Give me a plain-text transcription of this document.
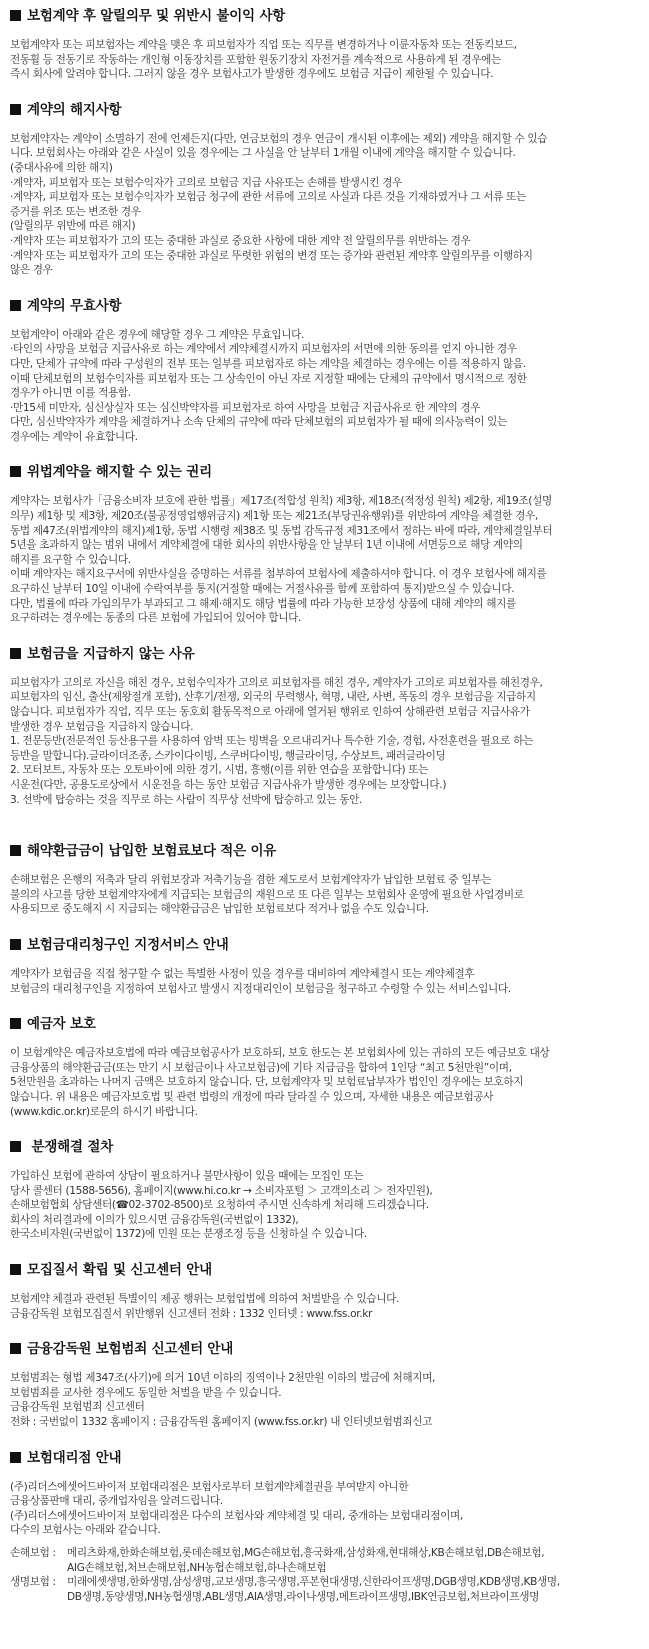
보험계약 후 알릴의무 및 위반시 불이익 사항

보험계약자 또는 피보험자는 계약을 맺은 후 피보험자가 직업 또는 직무를 변경하거나 이륜자동차 또는 전동킥보드,

전동휠 등 전동기로 작동하는 개인형 이동장치를 포함한 원동기장치 자전거를 계속적으로 사용하게 된 경우에는

즉시 회사에 알려야 합니다. 그러지 않을 경우 보험사고가 발생한 경우에도 보험금 지급이 제한될 수 있습니다.

계약의 해지사항

보험계약자는 계약이 소멸하기 전에 언제든지(다만, 연금보험의 경우 연금이 개시된 이후에는 제외) 계약을 해지할 수 있습

니다. 보험회사는 아래와 같은 사실이 있을 경우에는 그 사실을 안 날부터 1개월 이내에 계약을 해지할 수 있습니다.

(중대사유에 의한 해지)

·계약자, 피보험자 또는 보험수익자가 고의로 보험금 지급 사유또는 손해를 발생시킨 경우

·계약자, 피보험자 또는 보험수익자가 보험금 청구에 관한 서류에 고의로 사실과 다른 것을 기재하였거나 그 서류 또는

증거를 위조 또는 변조한 경우

(알릴의무 위반에 따른 해지)

·계약자 또는 피보험자가 고의 또는 중대한 과실로 중요한 사항에 대한 계약 전 알릴의무를 위반하는 경우

·계약자 또는 피보험자가 고의 또는 중대한 과실로 뚜렷한 위험의 변경 또는 증가와 관련된 계약후 알릴의무를 이행하지

않은 경우

계약의 무효사항

보험계약이 아래와 같은 경우에 해당할 경우 그 계약은 무효입니다.

·타인의 사망을 보험금 지급사유로 하는 계약에서 계약체결시까지 피보험자의 서면에 의한 동의를 얻지 아니한 경우

다만, 단체가 규약에 따라 구성원의 전부 또는 일부를 피보험자로 하는 계약을 체결하는 경우에는 이를 적용하지 않음.

이때 단체보험의 보험수익자를 피보험자 또는 그 상속인이 아닌 자로 지정할 때에는 단체의 규약에서 명시적으로 정한

경우가 아니면 이를 적용함.

·만15세 미만자, 심신상실자 또는 심신박약자를 피보험자로 하여 사망을 보험금 지급사유로 한 계약의 경우

다만, 심신박약자가 계약을 체결하거나 소속 단체의 규약에 따라 단체보험의 피보험자가 될 때에 의사능력이 있는

경우에는 계약이 유효합니다.

위법계약을 해지할 수 있는 권리

계약자는 보험사가「금융소비자 보호에 관한 법률」제17조(적합성 원칙) 제3항, 제18조(적정성 원칙) 제2항, 제19조(설명

의무) 제1항 및 제3항, 제20조(불공정영업행위금지) 제1항 또는 제21조(부당권유행위)를 위반하여 계약을 체결한 경우,

동법 제47조(위법계약의 해지)제1항, 동법 시행령 제38조 및 동법 감독규정 제31조에서 정하는 바에 따라, 계약체결일부터

5년을 초과하지 않는 범위 내에서 계약체결에 대한 회사의 위반사항을 안 날부터 1년 이내에 서면등으로 해당 계약의

해지를 요구할 수 있습니다.

이때 계약자는 해지요구서에 위반사실을 증명하는 서류를 첨부하여 보험사에 제출하셔야 합니다. 이 경우 보험사에 해지를

요구하신 날부터 10일 이내에 수락여부를 통지(거절할 때에는 거절사유를 함께 포함하여 통지)받으실 수 있습니다.

다만, 법률에 따라 가입의무가 부과되고 그 해제·해지도 해당 법률에 따라 가능한 보장성 상품에 대해 계약의 해지를

요구하려는 경우에는 동종의 다른 보험에 가입되어 있어야 합니다.

보험금을 지급하지 않는 사유

피보험자가 고의로 자신을 해친 경우, 보험수익자가 고의로 피보험자를 해친 경우, 계약자가 고의로 피보험자를 해친경우,

피보험자의 임신, 출산(제왕절개 포함), 산후기/전쟁, 외국의 무력행사, 혁명, 내란, 사변, 폭동의 경우 보험금을 지급하지

않습니다. 피보험자가 직업, 직무 또는 동호회 활동목적으로 아래에 열거된 행위로 인하여 상해관련 보험금 지급사유가

발생한 경우 보험금을 지급하지 않습니다.

1. 전문등반(전문적인 등산용구를 사용하여 암벽 또는 빙벽을 오르내리거나 특수한 기술, 경험, 사전훈련을 필요로 하는

등반을 말합니다).글라이더조종, 스카이다이빙, 스쿠버다이빙, 행글라이딩, 수상보트, 패러글라이딩

2. 모터보트, 자동차 또는 오토바이에 의한 경기, 시범, 흥행(이를 위한 연습을 포함합니다) 또는

시운전(다만, 공용도로상에서 시운전을 하는 동안 보험금 지급사유가 발생한 경우에는 보장합니다.)

3. 선박에 탑승하는 것을 직무로 하는 사람이 직무상 선박에 탑승하고 있는 동안.

해약환급금이 납입한 보험료보다 적은 이유

손해보험은 은행의 저축과 달리 위험보장과 저축기능을 겸한 제도로서 보험계약자가 납입한 보험료 중 일부는

불의의 사고를 당한 보험계약자에게 지급되는 보험금의 재원으로 또 다른 일부는 보험회사 운영에 필요한 사업경비로

사용되므로 중도해지 시 지급되는 해약환급금은 납입한 보험료보다 적거나 없을 수도 있습니다.

보험금대리청구인 지정서비스 안내

계약자가 보험금을 직접 청구할 수 없는 특별한 사정이 있을 경우를 대비하여 계약체결시 또는 계약체결후

보험금의 대리청구인을 지정하여 보험사고 발생시 지정대리인이 보험금을 청구하고 수령할 수 있는 서비스입니다.

예금자 보호

이 보험계약은 예금자보호법에 따라 예금보험공사가 보호하되, 보호 한도는 본 보험회사에 있는 귀하의 모든 예금보호 대상

금융상품의 해약환급금(또는 만기 시 보험금이나 사고보험금)에 기타 지급금을 합하여 1인당 “최고 5천만원”이며,

5천만원을 초과하는 나머지 금액은 보호하지 않습니다. 단, 보험계약자 및 보험료납부자가 법인인 경우에는 보호하지

않습니다. 위 내용은 예금자보호법 및 관련 법령의 개정에 따라 달라질 수 있으며, 자세한 내용은 예금보험공사

(www.kdic.or.kr)로문의 하시기 바랍니다.

분쟁해결 절차

가입하신 보험에 관하여 상담이 필요하거나 불만사항이 있을 때에는 모집인 또는

당사 콜센터 (1588-5656), 홈페이지(www.hi.co.kr → 소비자포털 ＞ 고객의소리 ＞ 전자민원),

손해보험협회 상담센터(☎02-3702-8500)로 요청하여 주시면 신속하게 처리해 드리겠습니다.

회사의 처리결과에 이의가 있으시면 금융감독원(국번없이 1332),

한국소비자원(국번없이 1372)에 민원 또는 분쟁조정 등을 신청하실 수 있습니다.

모집질서 확립 및 신고센터 안내

보험계약 체결과 관련된 특별이익 제공 행위는 보험업법에 의하여 처벌받을 수 있습니다.

금융감독원 보험모집질서 위반행위 신고센터 전화 : 1332 인터넷 : www.fss.or.kr

금융감독원 보험범죄 신고센터 안내

보험범죄는 형법 제347조(사기)에 의거 10년 이하의 징역이나 2천만원 이하의 벌금에 처해지며,

보험범죄를 교사한 경우에도 동일한 처벌을 받을 수 있습니다.

금융감독원 보험범죄 신고센터

전화 : 국번없이 1332 홈페이지 : 금융감독원 홈페이지 (www.fss.or.kr) 내 인터넷보험범죄신고

보험대리점 안내

(주)리더스에셋어드바이저 보험대리점은 보험사로부터 보험계약체결권을 부여받지 아니한

금융상품판매 대리, 중개업자임을 알려드립니다.

(주)리더스에셋어드바이저 보험대리점은 다수의 보험사와 계약체결 및 대리, 중개하는 보험대리점이며,

다수의 보험사는 아래와 같습니다.

손해보험 :	메리츠화재,한화손해보험,롯데손해보험,MG손해보험,흥국화재,삼성화재,현대해상,KB손해보험,DB손해보험,
AIG손해보험,처브손해보험,NH농협손해보험,하나손해보험
생명보험 :	미래에셋생명,한화생명,삼성생명,교보생명,흥국생명,푸본현대생명,신한라이프생명,DGB생명,KDB생명,KB생명,
DB생명,동양생명,NH농협생명,ABL생명,AIA생명,라이나생명,메트라이프생명,IBK연금보험,처브라이프생명
